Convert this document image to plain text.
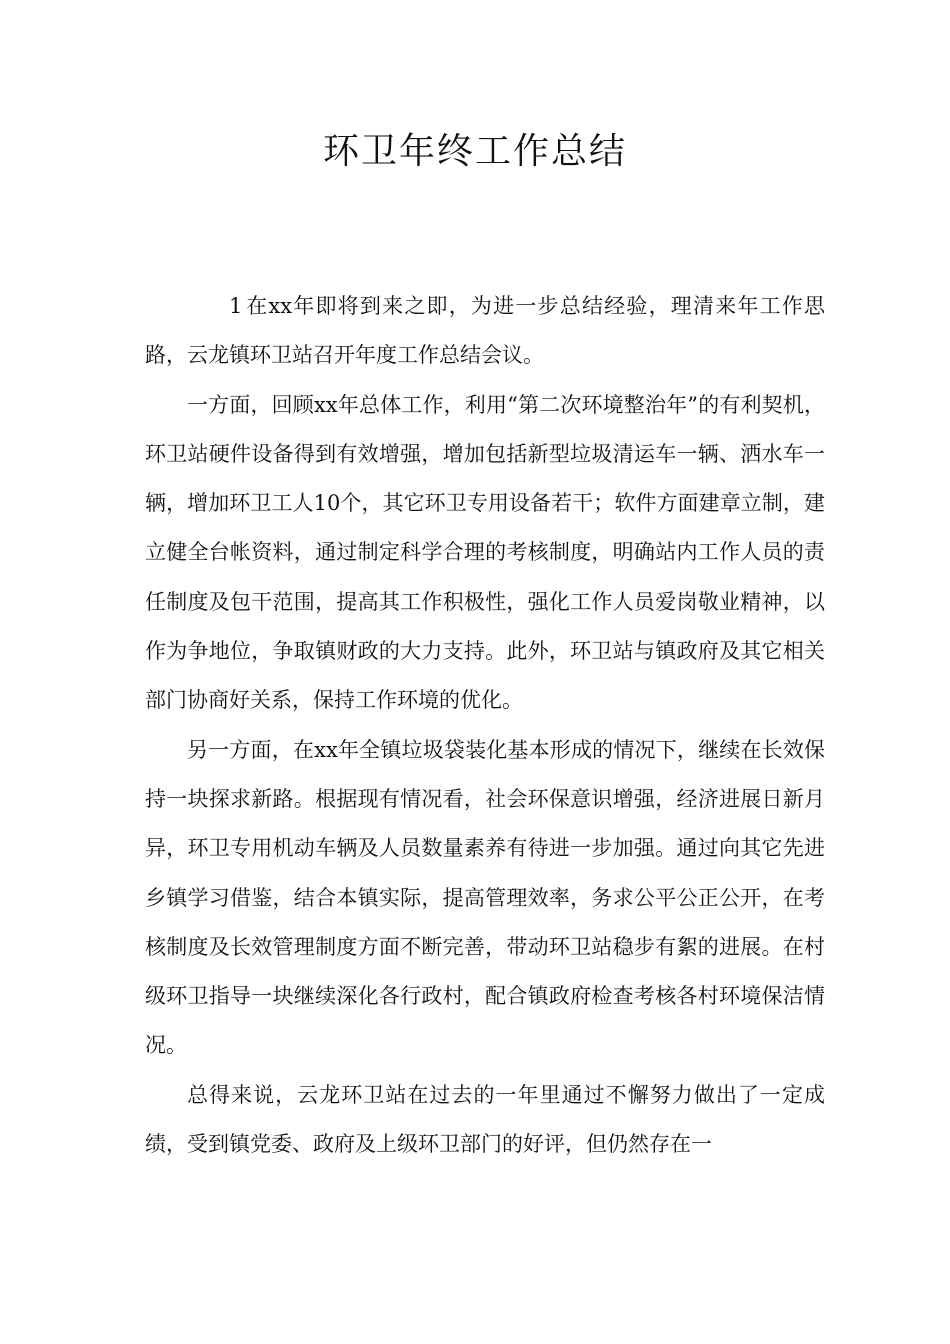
环卫年终工作总结

1 在xx年即将到来之即，为进一步总结经验，理清来年工作思路，云龙镇环卫站召开年度工作总结会议。

一方面，回顾xx年总体工作，利用“第二次环境整治年”的有利契机，环卫站硬件设备得到有效增强，增加包括新型垃圾清运车一辆、洒水车一辆，增加环卫工人10个，其它环卫专用设备若干；软件方面建章立制，建立健全台帐资料，通过制定科学合理的考核制度，明确站内工作人员的责任制度及包干范围，提高其工作积极性，强化工作人员爱岗敬业精神，以作为争地位，争取镇财政的大力支持。此外，环卫站与镇政府及其它相关部门协商好关系，保持工作环境的优化。

另一方面，在xx年全镇垃圾袋装化基本形成的情况下，继续在长效保持一块探求新路。根据现有情况看，社会环保意识增强，经济进展日新月异，环卫专用机动车辆及人员数量素养有待进一步加强。通过向其它先进乡镇学习借鉴，结合本镇实际，提高管理效率，务求公平公正公开，在考核制度及长效管理制度方面不断完善，带动环卫站稳步有絮的进展。在村级环卫指导一块继续深化各行政村，配合镇政府检查考核各村环境保洁情况。

总得来说，云龙环卫站在过去的一年里通过不懈努力做出了一定成绩，受到镇党委、政府及上级环卫部门的好评，但仍然存在一
